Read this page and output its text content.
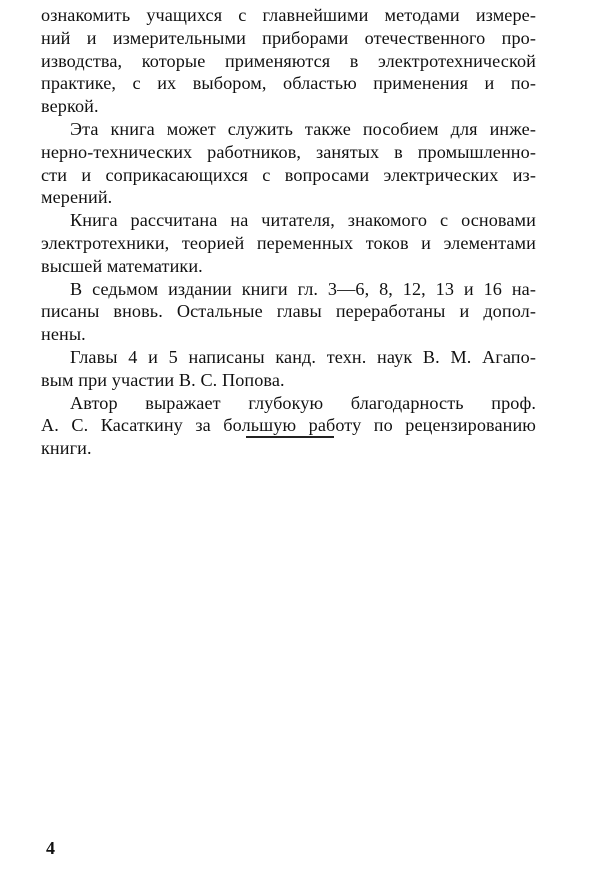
ознакомить учащихся с главнейшими методами измере-
ний и измерительными приборами отечественного про-
изводства, которые применяются в электротехнической
практике, с их выбором, областью применения и по-
веркой.

Эта книга может служить также пособием для инже-
нерно-технических работников, занятых в промышленно-
сти и соприкасающихся с вопросами электрических из-
мерений.

Книга рассчитана на читателя, знакомого с основами
электротехники, теорией переменных токов и элементами
высшей математики.

В седьмом издании книги гл. 3—6, 8, 12, 13 и 16 на-
писаны вновь. Остальные главы переработаны и допол-
нены.

Главы 4 и 5 написаны канд. техн. наук В. М. Агапо-
вым при участии В. С. Попова.

Автор выражает глубокую благодарность проф.
А. С. Касаткину за большую работу по рецензированию
книги.

4
